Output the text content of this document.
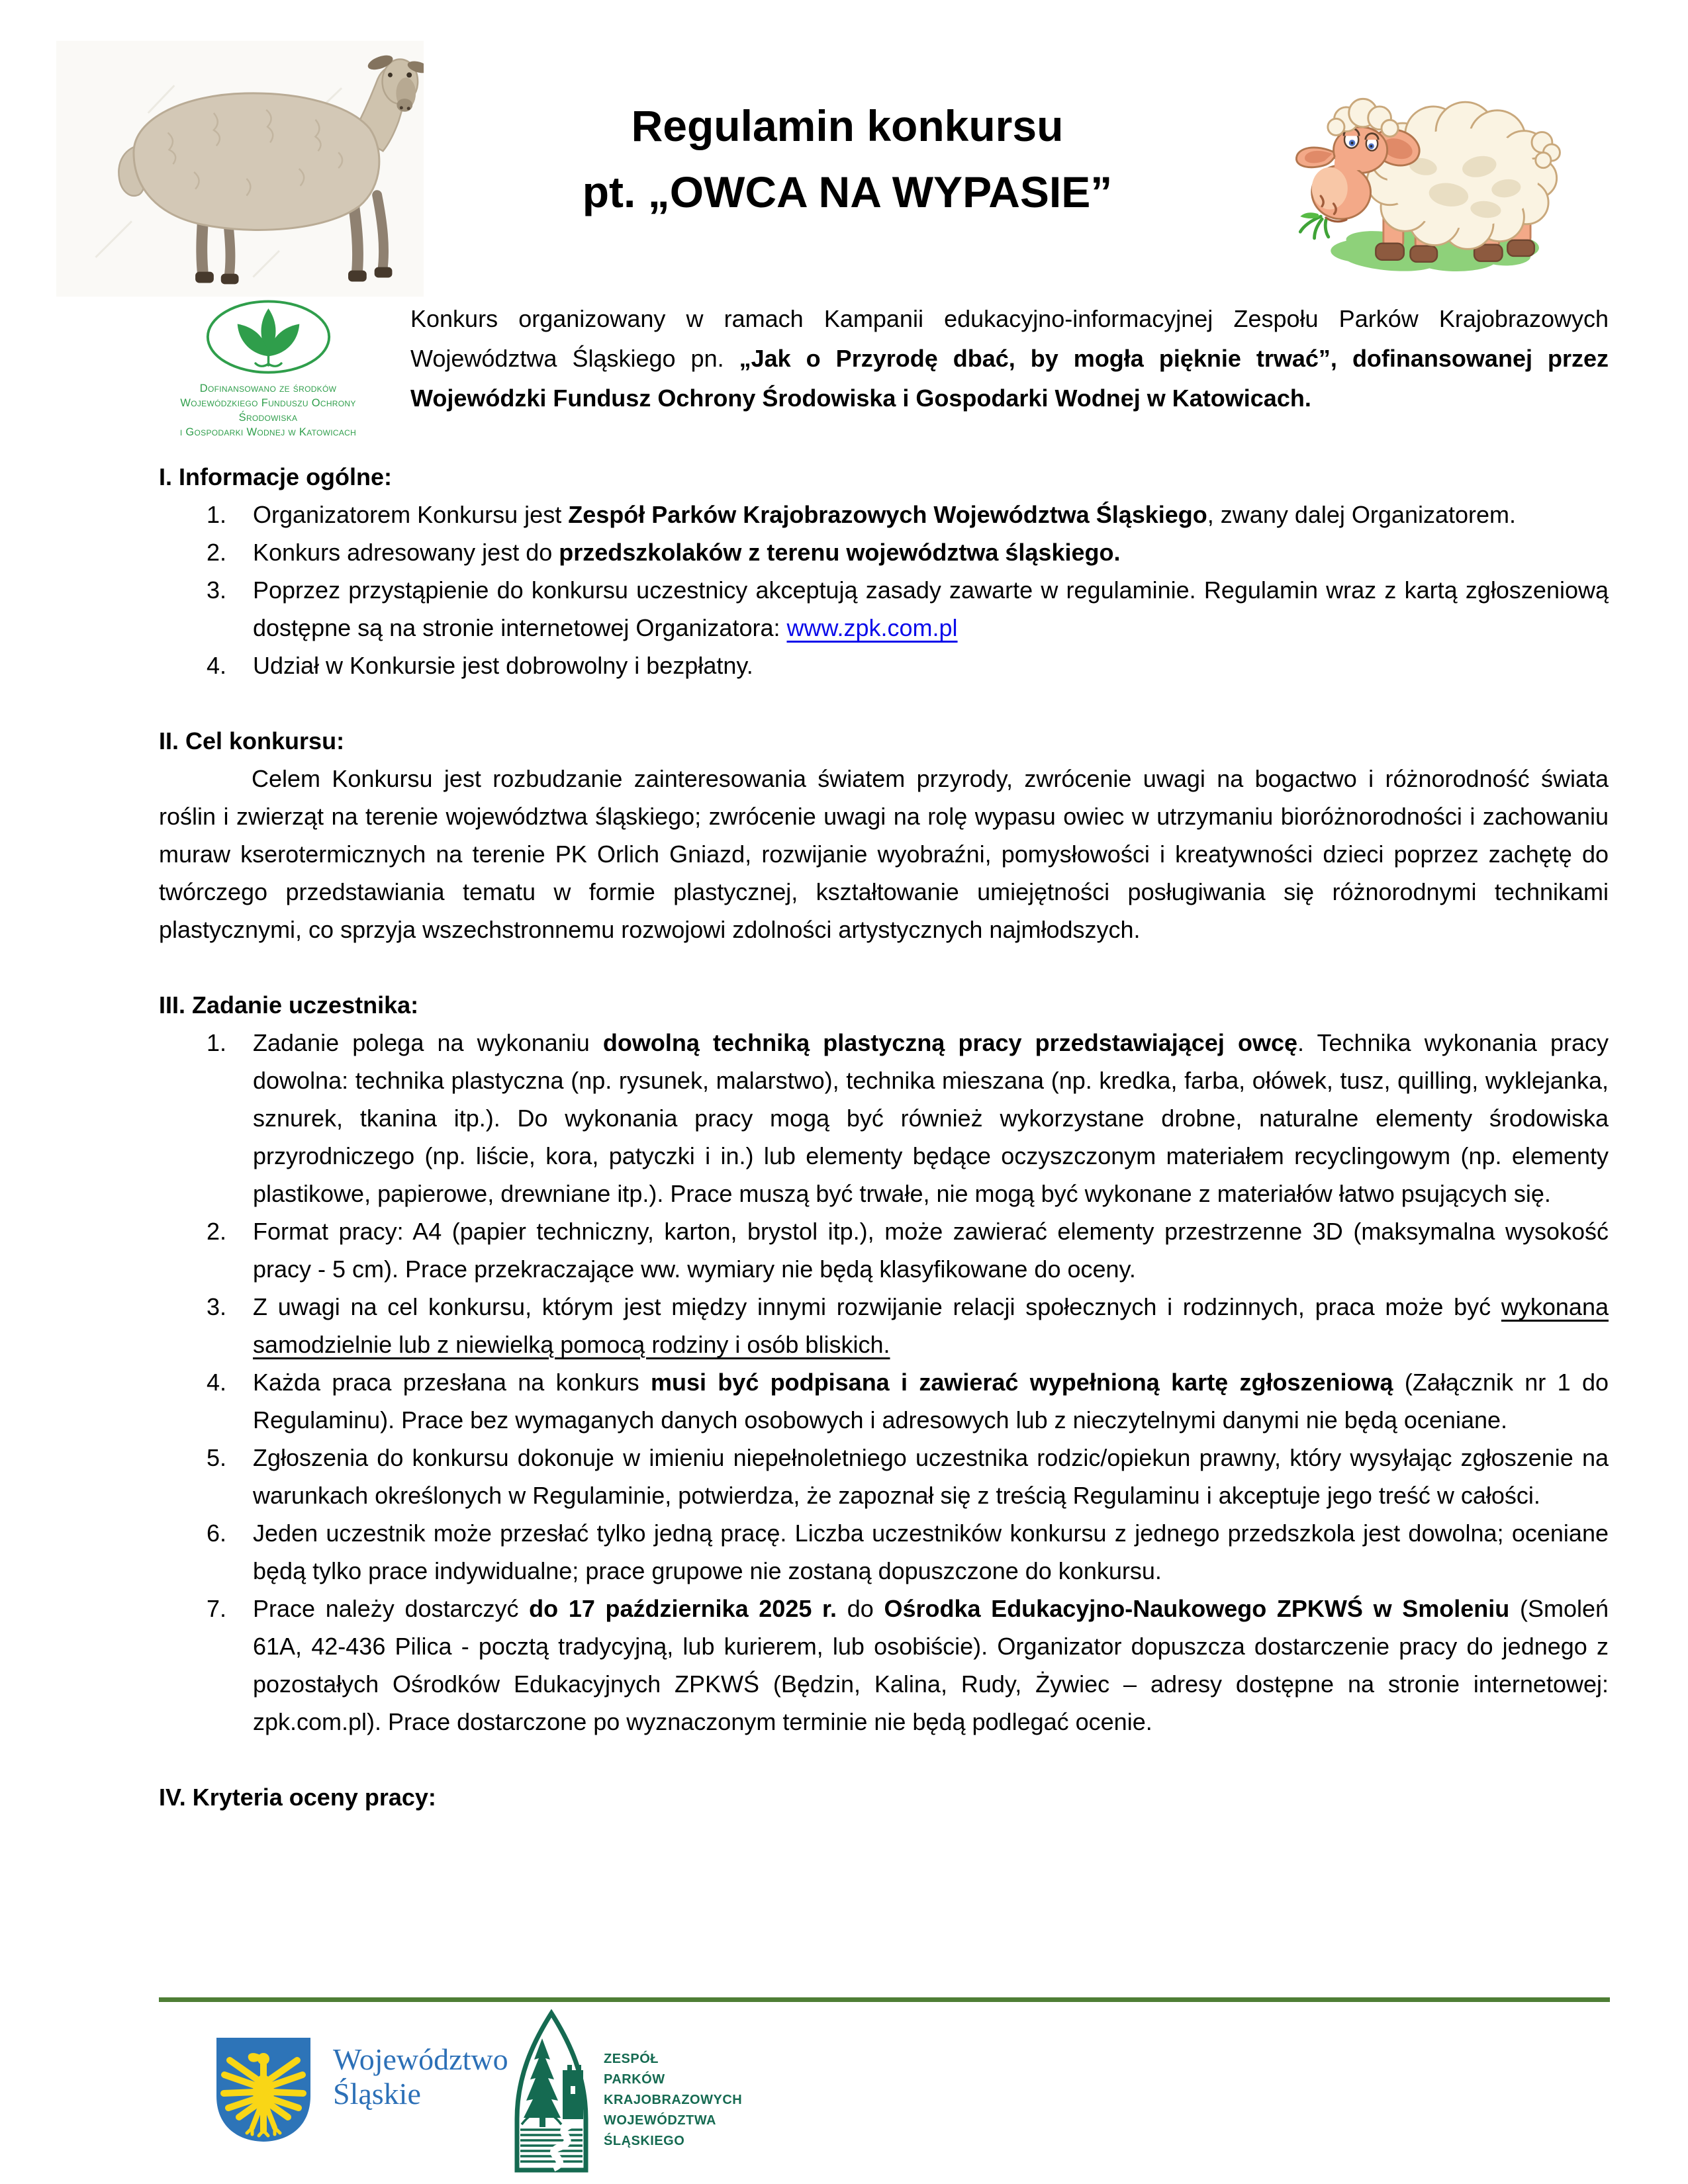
Regulamin konkursu
pt. „OWCA NA WYPASIE”
Dofinansowano ze środków
Wojewódzkiego Funduszu Ochrony Środowiska
i Gospodarki Wodnej w Katowicach

Konkurs organizowany w ramach Kampanii edukacyjno-informacyjnej Zespołu Parków Krajobrazowych Województwa Śląskiego pn. „Jak o Przyrodę dbać, by mogła pięknie trwać”, dofinansowanej przez Wojewódzki Fundusz Ochrony Środowiska i Gospodarki Wodnej w Katowicach.

I. Informacje ogólne:
1. Organizatorem Konkursu jest Zespół Parków Krajobrazowych Województwa Śląskiego, zwany dalej Organizatorem.
2. Konkurs adresowany jest do przedszkolaków z terenu województwa śląskiego.
3. Poprzez przystąpienie do konkursu uczestnicy akceptują zasady zawarte w regulaminie. Regulamin wraz z kartą zgłoszeniową dostępne są na stronie internetowej Organizatora: www.zpk.com.pl
4. Udział w Konkursie jest dobrowolny i bezpłatny.
II. Cel konkursu:

Celem Konkursu jest rozbudzanie zainteresowania światem przyrody, zwrócenie uwagi na bogactwo i różnorodność świata roślin i zwierząt na terenie województwa śląskiego; zwrócenie uwagi na rolę wypasu owiec w utrzymaniu bioróżnorodności i zachowaniu muraw kserotermicznych na terenie PK Orlich Gniazd, rozwijanie wyobraźni, pomysłowości i kreatywności dzieci poprzez zachętę do twórczego przedstawiania tematu w formie plastycznej, kształtowanie umiejętności posługiwania się różnorodnymi technikami plastycznymi, co sprzyja wszechstronnemu rozwojowi zdolności artystycznych najmłodszych.

III. Zadanie uczestnika:
1. Zadanie polega na wykonaniu dowolną techniką plastyczną pracy przedstawiającej owcę. Technika wykonania pracy dowolna: technika plastyczna (np. rysunek, malarstwo), technika mieszana (np. kredka, farba, ołówek, tusz, quilling, wyklejanka, sznurek, tkanina itp.). Do wykonania pracy mogą być również wykorzystane drobne, naturalne elementy środowiska przyrodniczego (np. liście, kora, patyczki i in.) lub elementy będące oczyszczonym materiałem recyclingowym (np. elementy plastikowe, papierowe, drewniane itp.). Prace muszą być trwałe, nie mogą być wykonane z materiałów łatwo psujących się.
2. Format pracy: A4 (papier techniczny, karton, brystol itp.), może zawierać elementy przestrzenne 3D (maksymalna wysokość pracy - 5 cm). Prace przekraczające ww. wymiary nie będą klasyfikowane do oceny.
3. Z uwagi na cel konkursu, którym jest między innymi rozwijanie relacji społecznych i rodzinnych, praca może być wykonana samodzielnie lub z niewielką pomocą rodziny i osób bliskich.
4. Każda praca przesłana na konkurs musi być podpisana i zawierać wypełnioną kartę zgłoszeniową (Załącznik nr 1 do Regulaminu). Prace bez wymaganych danych osobowych i adresowych lub z nieczytelnymi danymi nie będą oceniane.
5. Zgłoszenia do konkursu dokonuje w imieniu niepełnoletniego uczestnika rodzic/opiekun prawny, który wysyłając zgłoszenie na warunkach określonych w Regulaminie, potwierdza, że zapoznał się z treścią Regulaminu i akceptuje jego treść w całości.
6. Jeden uczestnik może przesłać tylko jedną pracę. Liczba uczestników konkursu z jednego przedszkola jest dowolna; oceniane będą tylko prace indywidualne; prace grupowe nie zostaną dopuszczone do konkursu.
7. Prace należy dostarczyć do 17 października 2025 r. do Ośrodka Edukacyjno-Naukowego ZPKWŚ w Smoleniu (Smoleń 61A, 42-436 Pilica - pocztą tradycyjną, lub kurierem, lub osobiście). Organizator dopuszcza dostarczenie pracy do jednego z pozostałych Ośrodków Edukacyjnych ZPKWŚ (Będzin, Kalina, Rudy, Żywiec – adresy dostępne na stronie internetowej: zpk.com.pl). Prace dostarczone po wyznaczonym terminie nie będą podlegać ocenie.
IV. Kryteria oceny pracy:
Województwo
Śląskie
ZESPÓŁ
PARKÓW
KRAJOBRAZOWYCH
WOJEWÓDZTWA
ŚLĄSKIEGO
